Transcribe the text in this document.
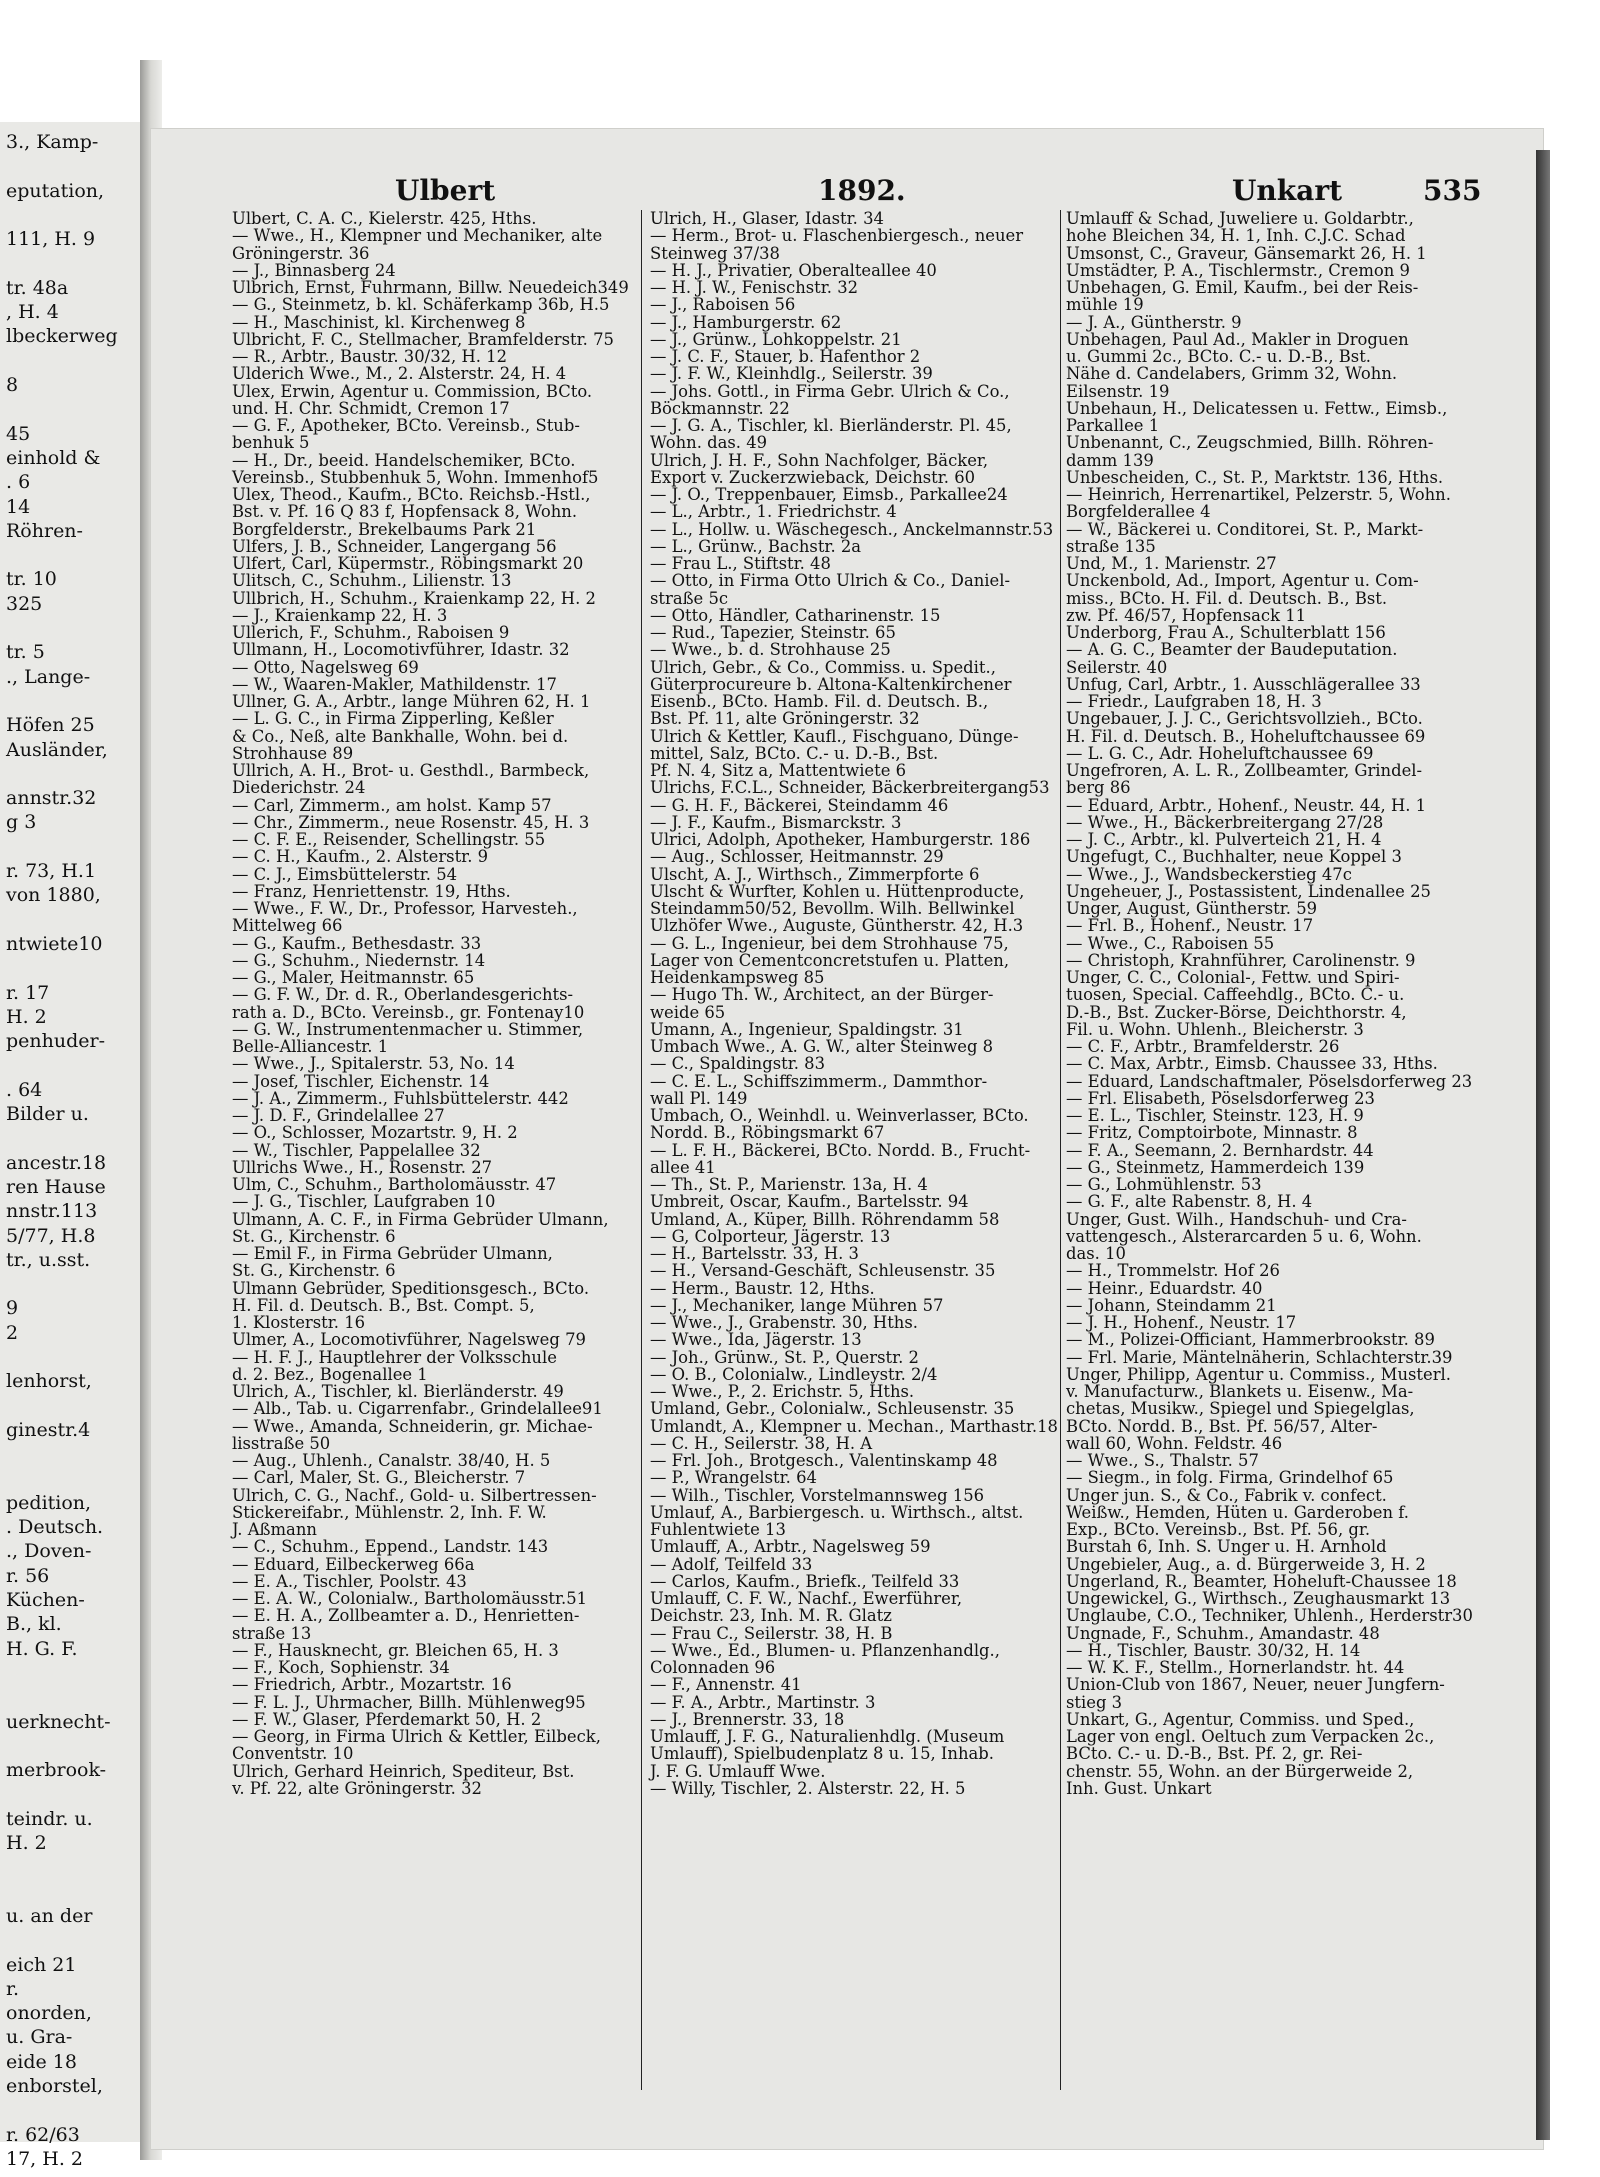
3., Kamp-
eputation,
111, H. 9
tr. 48a
, H. 4
lbeckerweg
8
45
einhold &
. 6
14
Röhren-
tr. 10
325
tr. 5
., Lange-
Höfen 25
Ausländer,
annstr.32
g 3
r. 73, H.1
von 1880,
ntwiete10
r. 17
H. 2
penhuder-
. 64
Bilder u.
ancestr.18
ren Hause
nnstr.113
5/77, H.8
tr., u.sst.
9
2
lenhorst,
ginestr.4
pedition,
. Deutsch.
., Doven-
r. 56
Küchen-
B., kl.
H. G. F.
uerknecht-
merbrook-
teindr. u.
H. 2
u. an der
eich 21
r.
onorden,
u. Gra-
eide 18
enborstel,
r. 62/63
17, H. 2
Ulbert	1892.	Unkart	535
Ulbert, C. A. C., Kielerstr. 425, Hths.
— Wwe., H., Klempner und Mechaniker, alte
Gröningerstr. 36
— J., Binnasberg 24
Ulbrich, Ernst, Fuhrmann, Billw. Neuedeich349
— G., Steinmetz, b. kl. Schäferkamp 36b, H.5
— H., Maschinist, kl. Kirchenweg 8
Ulbricht, F. C., Stellmacher, Bramfelderstr. 75
— R., Arbtr., Baustr. 30/32, H. 12
Ulderich Wwe., M., 2. Alsterstr. 24, H. 4
Ulex, Erwin, Agentur u. Commission, BCto.
und. H. Chr. Schmidt, Cremon 17
— G. F., Apotheker, BCto. Vereinsb., Stub-
benhuk 5
— H., Dr., beeid. Handelschemiker, BCto.
Vereinsb., Stubbenhuk 5, Wohn. Immenhof5
Ulex, Theod., Kaufm., BCto. Reichsb.-Hstl.,
Bst. v. Pf. 16 Q 83 f, Hopfensack 8, Wohn.
Borgfelderstr., Brekelbaums Park 21
Ulfers, J. B., Schneider, Langergang 56
Ulfert, Carl, Küpermstr., Röbingsmarkt 20
Ulitsch, C., Schuhm., Lilienstr. 13
Ullbrich, H., Schuhm., Kraienkamp 22, H. 2
— J., Kraienkamp 22, H. 3
Ullerich, F., Schuhm., Raboisen 9
Ullmann, H., Locomotivführer, Idastr. 32
— Otto, Nagelsweg 69
— W., Waaren-Makler, Mathildenstr. 17
Ullner, G. A., Arbtr., lange Mühren 62, H. 1
— L. G. C., in Firma Zipperling, Keßler
& Co., Neß, alte Bankhalle, Wohn. bei d.
Strohhause 89
Ullrich, A. H., Brot- u. Gesthdl., Barmbeck,
Diederichstr. 24
— Carl, Zimmerm., am holst. Kamp 57
— Chr., Zimmerm., neue Rosenstr. 45, H. 3
— C. F. E., Reisender, Schellingstr. 55
— C. H., Kaufm., 2. Alsterstr. 9
— C. J., Eimsbüttelerstr. 54
— Franz, Henriettenstr. 19, Hths.
— Wwe., F. W., Dr., Professor, Harvesteh.,
Mittelweg 66
— G., Kaufm., Bethesdastr. 33
— G., Schuhm., Niedernstr. 14
— G., Maler, Heitmannstr. 65
— G. F. W., Dr. d. R., Oberlandesgerichts-
rath a. D., BCto. Vereinsb., gr. Fontenay10
— G. W., Instrumentenmacher u. Stimmer,
Belle-Alliancestr. 1
— Wwe., J., Spitalerstr. 53, No. 14
— Josef, Tischler, Eichenstr. 14
— J. A., Zimmerm., Fuhlsbüttelerstr. 442
— J. D. F., Grindelallee 27
— O., Schlosser, Mozartstr. 9, H. 2
— W., Tischler, Pappelallee 32
Ullrichs Wwe., H., Rosenstr. 27
Ulm, C., Schuhm., Bartholomäusstr. 47
— J. G., Tischler, Laufgraben 10
Ulmann, A. C. F., in Firma Gebrüder Ulmann,
St. G., Kirchenstr. 6
— Emil F., in Firma Gebrüder Ulmann,
St. G., Kirchenstr. 6
Ulmann Gebrüder, Speditionsgesch., BCto.
H. Fil. d. Deutsch. B., Bst. Compt. 5,
1. Klosterstr. 16
Ulmer, A., Locomotivführer, Nagelsweg 79
— H. F. J., Hauptlehrer der Volksschule
d. 2. Bez., Bogenallee 1
Ulrich, A., Tischler, kl. Bierländerstr. 49
— Alb., Tab. u. Cigarrenfabr., Grindelallee91
— Wwe., Amanda, Schneiderin, gr. Michae-
lisstraße 50
— Aug., Uhlenh., Canalstr. 38/40, H. 5
— Carl, Maler, St. G., Bleicherstr. 7
Ulrich, C. G., Nachf., Gold- u. Silbertressen-
Stickereifabr., Mühlenstr. 2, Inh. F. W.
J. Aßmann
— C., Schuhm., Eppend., Landstr. 143
— Eduard, Eilbeckerweg 66a
— E. A., Tischler, Poolstr. 43
— E. A. W., Colonialw., Bartholomäusstr.51
— E. H. A., Zollbeamter a. D., Henrietten-
straße 13
— F., Hausknecht, gr. Bleichen 65, H. 3
— F., Koch, Sophienstr. 34
— Friedrich, Arbtr., Mozartstr. 16
— F. L. J., Uhrmacher, Billh. Mühlenweg95
— F. W., Glaser, Pferdemarkt 50, H. 2
— Georg, in Firma Ulrich & Kettler, Eilbeck,
Conventstr. 10
Ulrich, Gerhard Heinrich, Spediteur, Bst.
v. Pf. 22, alte Gröningerstr. 32
Ulrich, H., Glaser, Idastr. 34
— Herm., Brot- u. Flaschenbiergesch., neuer
Steinweg 37/38
— H. J., Privatier, Oberalteallee 40
— H. J. W., Fenischstr. 32
— J., Raboisen 56
— J., Hamburgerstr. 62
— J., Grünw., Lohkoppelstr. 21
— J. C. F., Stauer, b. Hafenthor 2
— J. F. W., Kleinhdlg., Seilerstr. 39
— Johs. Gottl., in Firma Gebr. Ulrich & Co.,
Böckmannstr. 22
— J. G. A., Tischler, kl. Bierländerstr. Pl. 45,
Wohn. das. 49
Ulrich, J. H. F., Sohn Nachfolger, Bäcker,
Export v. Zuckerzwieback, Deichstr. 60
— J. O., Treppenbauer, Eimsb., Parkallee24
— L., Arbtr., 1. Friedrichstr. 4
— L., Hollw. u. Wäschegesch., Anckelmannstr.53
— L., Grünw., Bachstr. 2a
— Frau L., Stiftstr. 48
— Otto, in Firma Otto Ulrich & Co., Daniel-
straße 5c
— Otto, Händler, Catharinenstr. 15
— Rud., Tapezier, Steinstr. 65
— Wwe., b. d. Strohhause 25
Ulrich, Gebr., & Co., Commiss. u. Spedit.,
Güterprocureure b. Altona-Kaltenkirchener
Eisenb., BCto. Hamb. Fil. d. Deutsch. B.,
Bst. Pf. 11, alte Gröningerstr. 32
Ulrich & Kettler, Kaufl., Fischguano, Dünge-
mittel, Salz, BCto. C.- u. D.-B., Bst.
Pf. N. 4, Sitz a, Mattentwiete 6
Ulrichs, F.C.L., Schneider, Bäckerbreitergang53
— G. H. F., Bäckerei, Steindamm 46
— J. F., Kaufm., Bismarckstr. 3
Ulrici, Adolph, Apotheker, Hamburgerstr. 186
— Aug., Schlosser, Heitmannstr. 29
Ulscht, A. J., Wirthsch., Zimmerpforte 6
Ulscht & Wurfter, Kohlen u. Hüttenproducte,
Steindamm50/52, Bevollm. Wilh. Bellwinkel
Ulzhöfer Wwe., Auguste, Güntherstr. 42, H.3
— G. L., Ingenieur, bei dem Strohhause 75,
Lager von Cementconcretstufen u. Platten,
Heidenkampsweg 85
— Hugo Th. W., Architect, an der Bürger-
weide 65
Umann, A., Ingenieur, Spaldingstr. 31
Umbach Wwe., A. G. W., alter Steinweg 8
— C., Spaldingstr. 83
— C. E. L., Schiffszimmerm., Dammthor-
wall Pl. 149
Umbach, O., Weinhdl. u. Weinverlasser, BCto.
Nordd. B., Röbingsmarkt 67
— L. F. H., Bäckerei, BCto. Nordd. B., Frucht-
allee 41
— Th., St. P., Marienstr. 13a, H. 4
Umbreit, Oscar, Kaufm., Bartelsstr. 94
Umland, A., Küper, Billh. Röhrendamm 58
— G, Colporteur, Jägerstr. 13
— H., Bartelsstr. 33, H. 3
— H., Versand-Geschäft, Schleusenstr. 35
— Herm., Baustr. 12, Hths.
— J., Mechaniker, lange Mühren 57
— Wwe., J., Grabenstr. 30, Hths.
— Wwe., Ida, Jägerstr. 13
— Joh., Grünw., St. P., Querstr. 2
— O. B., Colonialw., Lindleystr. 2/4
— Wwe., P., 2. Erichstr. 5, Hths.
Umland, Gebr., Colonialw., Schleusenstr. 35
Umlandt, A., Klempner u. Mechan., Marthastr.18
— C. H., Seilerstr. 38, H. A
— Frl. Joh., Brotgesch., Valentinskamp 48
— P., Wrangelstr. 64
— Wilh., Tischler, Vorstelmannsweg 156
Umlauf, A., Barbiergesch. u. Wirthsch., altst.
Fuhlentwiete 13
Umlauff, A., Arbtr., Nagelsweg 59
— Adolf, Teilfeld 33
— Carlos, Kaufm., Briefk., Teilfeld 33
Umlauff, C. F. W., Nachf., Ewerführer,
Deichstr. 23, Inh. M. R. Glatz
— Frau C., Seilerstr. 38, H. B
— Wwe., Ed., Blumen- u. Pflanzenhandlg.,
Colonnaden 96
— F., Annenstr. 41
— F. A., Arbtr., Martinstr. 3
— J., Brennerstr. 33, 18
Umlauff, J. F. G., Naturalienhdlg. (Museum
Umlauff), Spielbudenplatz 8 u. 15, Inhab.
J. F. G. Umlauff Wwe.
— Willy, Tischler, 2. Alsterstr. 22, H. 5
Umlauff & Schad, Juweliere u. Goldarbtr.,
hohe Bleichen 34, H. 1, Inh. C.J.C. Schad
Umsonst, C., Graveur, Gänsemarkt 26, H. 1
Umstädter, P. A., Tischlermstr., Cremon 9
Unbehagen, G. Emil, Kaufm., bei der Reis-
mühle 19
— J. A., Güntherstr. 9
Unbehagen, Paul Ad., Makler in Droguen
u. Gummi 2c., BCto. C.- u. D.-B., Bst.
Nähe d. Candelabers, Grimm 32, Wohn.
Eilsenstr. 19
Unbehaun, H., Delicatessen u. Fettw., Eimsb.,
Parkallee 1
Unbenannt, C., Zeugschmied, Billh. Röhren-
damm 139
Unbescheiden, C., St. P., Marktstr. 136, Hths.
— Heinrich, Herrenartikel, Pelzerstr. 5, Wohn.
Borgfelderallee 4
— W., Bäckerei u. Conditorei, St. P., Markt-
straße 135
Und, M., 1. Marienstr. 27
Unckenbold, Ad., Import, Agentur u. Com-
miss., BCto. H. Fil. d. Deutsch. B., Bst.
zw. Pf. 46/57, Hopfensack 11
Underborg, Frau A., Schulterblatt 156
— A. G. C., Beamter der Baudeputation.
Seilerstr. 40
Unfug, Carl, Arbtr., 1. Ausschlägerallee 33
— Friedr., Laufgraben 18, H. 3
Ungebauer, J. J. C., Gerichtsvollzieh., BCto.
H. Fil. d. Deutsch. B., Hoheluftchaussee 69
— L. G. C., Adr. Hoheluftchaussee 69
Ungefroren, A. L. R., Zollbeamter, Grindel-
berg 86
— Eduard, Arbtr., Hohenf., Neustr. 44, H. 1
— Wwe., H., Bäckerbreitergang 27/28
— J. C., Arbtr., kl. Pulverteich 21, H. 4
Ungefugt, C., Buchhalter, neue Koppel 3
— Wwe., J., Wandsbeckerstieg 47c
Ungeheuer, J., Postassistent, Lindenallee 25
Unger, August, Güntherstr. 59
— Frl. B., Hohenf., Neustr. 17
— Wwe., C., Raboisen 55
— Christoph, Krahnführer, Carolinenstr. 9
Unger, C. C., Colonial-, Fettw. und Spiri-
tuosen, Special. Caffeehdlg., BCto. C.- u.
D.-B., Bst. Zucker-Börse, Deichthorstr. 4,
Fil. u. Wohn. Uhlenh., Bleicherstr. 3
— C. F., Arbtr., Bramfelderstr. 26
— C. Max, Arbtr., Eimsb. Chaussee 33, Hths.
— Eduard, Landschaftmaler, Pöselsdorferweg 23
— Frl. Elisabeth, Pöselsdorferweg 23
— E. L., Tischler, Steinstr. 123, H. 9
— Fritz, Comptoirbote, Minnastr. 8
— F. A., Seemann, 2. Bernhardstr. 44
— G., Steinmetz, Hammerdeich 139
— G., Lohmühlenstr. 53
— G. F., alte Rabenstr. 8, H. 4
Unger, Gust. Wilh., Handschuh- und Cra-
vattengesch., Alsterarcarden 5 u. 6, Wohn.
das. 10
— H., Trommelstr. Hof 26
— Heinr., Eduardstr. 40
— Johann, Steindamm 21
— J. H., Hohenf., Neustr. 17
— M., Polizei-Officiant, Hammerbrookstr. 89
— Frl. Marie, Mäntelnäherin, Schlachterstr.39
Unger, Philipp, Agentur u. Commiss., Musterl.
v. Manufacturw., Blankets u. Eisenw., Ma-
chetas, Musikw., Spiegel und Spiegelglas,
BCto. Nordd. B., Bst. Pf. 56/57, Alter-
wall 60, Wohn. Feldstr. 46
— Wwe., S., Thalstr. 57
— Siegm., in folg. Firma, Grindelhof 65
Unger jun. S., & Co., Fabrik v. confect.
Weißw., Hemden, Hüten u. Garderoben f.
Exp., BCto. Vereinsb., Bst. Pf. 56, gr.
Burstah 6, Inh. S. Unger u. H. Arnhold
Ungebieler, Aug., a. d. Bürgerweide 3, H. 2
Ungerland, R., Beamter, Hoheluft-Chaussee 18
Ungewickel, G., Wirthsch., Zeughausmarkt 13
Unglaube, C.O., Techniker, Uhlenh., Herderstr30
Ungnade, F., Schuhm., Amandastr. 48
— H., Tischler, Baustr. 30/32, H. 14
— W. K. F., Stellm., Hornerlandstr. ht. 44
Union-Club von 1867, Neuer, neuer Jungfern-
stieg 3
Unkart, G., Agentur, Commiss. und Sped.,
Lager von engl. Oeltuch zum Verpacken 2c.,
BCto. C.- u. D.-B., Bst. Pf. 2, gr. Rei-
chenstr. 55, Wohn. an der Bürgerweide 2,
Inh. Gust. Unkart
